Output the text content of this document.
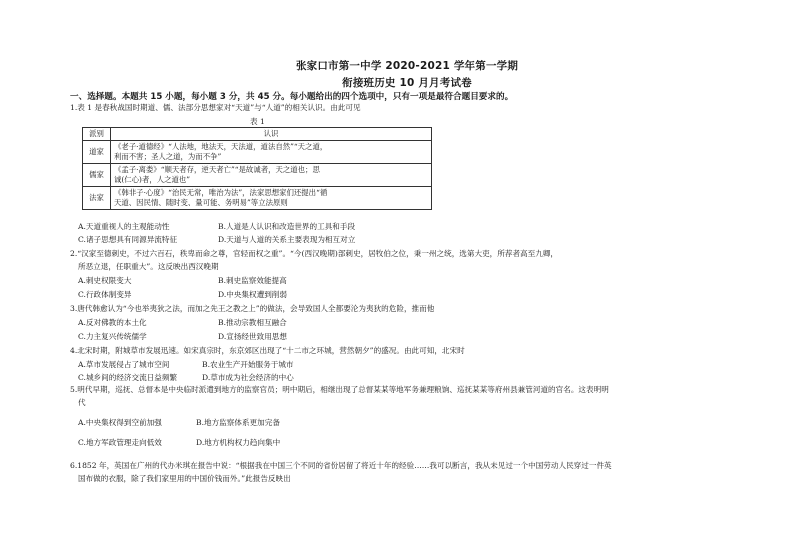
张家口市第一中学 2020-2021 学年第一学期
衔接班历史 10 月月考试卷
一、选择题。本题共 15 小题，每小题 3 分，共 45 分。每小题给出的四个选项中，只有一项是最符合题目要求的。
1.表 1 是春秋战国时期道、儒、法部分思想家对“天道”与“人道”的相关认识。由此可见
表 1
派别	认识
道家	《老子·道德经》“人法地，地法天，天法道，道法自然”“天之道，
利而不害；圣人之道，为而不争”

儒家	《孟子·离娄》“顺天者存，逆天者亡”“是故诚者，天之道也；思
诚(仁心)者，人之道也”

法家	《韩非子·心度》“治民无常，唯治为法”，法家思想家们还提出“循
天道、因民情、随时变、量可能、务明易”等立法原则
A.天道重视人的主观能动性	B.人道是人认识和改造世界的工具和手段
C.诸子思想具有同源异流特征	D.天道与人道的关系主要表现为相互对立
2.“汉家至德刺史，不过六百石，秩卑而命之尊，官轻而权之重”。“今(西汉晚期)部刺史，居牧伯之位，秉一州之统，选第大吏，所荐者高至九卿，
所恶立退，任职重大”。这反映出西汉晚期
A.刺史权限变大	B.刺史监察效能提高
C.行政体制变异	D.中央集权遭到削弱
3.唐代韩愈认为“今也举夷狄之法，而加之先王之教之上”的做法，会导致国人全都要沦为夷狄的危险，推而他
A.反对佛教的本土化	B.推动宗教相互融合
C.力主复兴传统儒学	D.宣扬经世致用思想
4.北宋时期，附城草市发展迅速。如宋真宗时，东京郊区出现了“十二市之环城，营然朝夕”的盛况。由此可知，北宋时
A.草市发展侵占了城市空间	B.农业生产开始服务于城市
C.城乡间的经济交流日益频繁	D.草市成为社会经济的中心
5.明代早期，巡抚、总督本是中央临时派遣到地方的监察官员；明中期后，相继出现了总督某某等地军务兼理粮饷、巡抚某某等府州县兼管河道的官名。这表明明
代
A.中央集权得到空前加强	B.地方监察体系更加完备
C.地方军政管理走向低效	D.地方机构权力趋向集中
6.1852 年，英国在广州的代办米琪在报告中说：“根据我在中国三个不同的省份居留了将近十年的经验……我可以断言，我从未见过一个中国劳动人民穿过一件英
国布做的衣服，除了我们家里用的中国价钱而外。”此报告反映出
